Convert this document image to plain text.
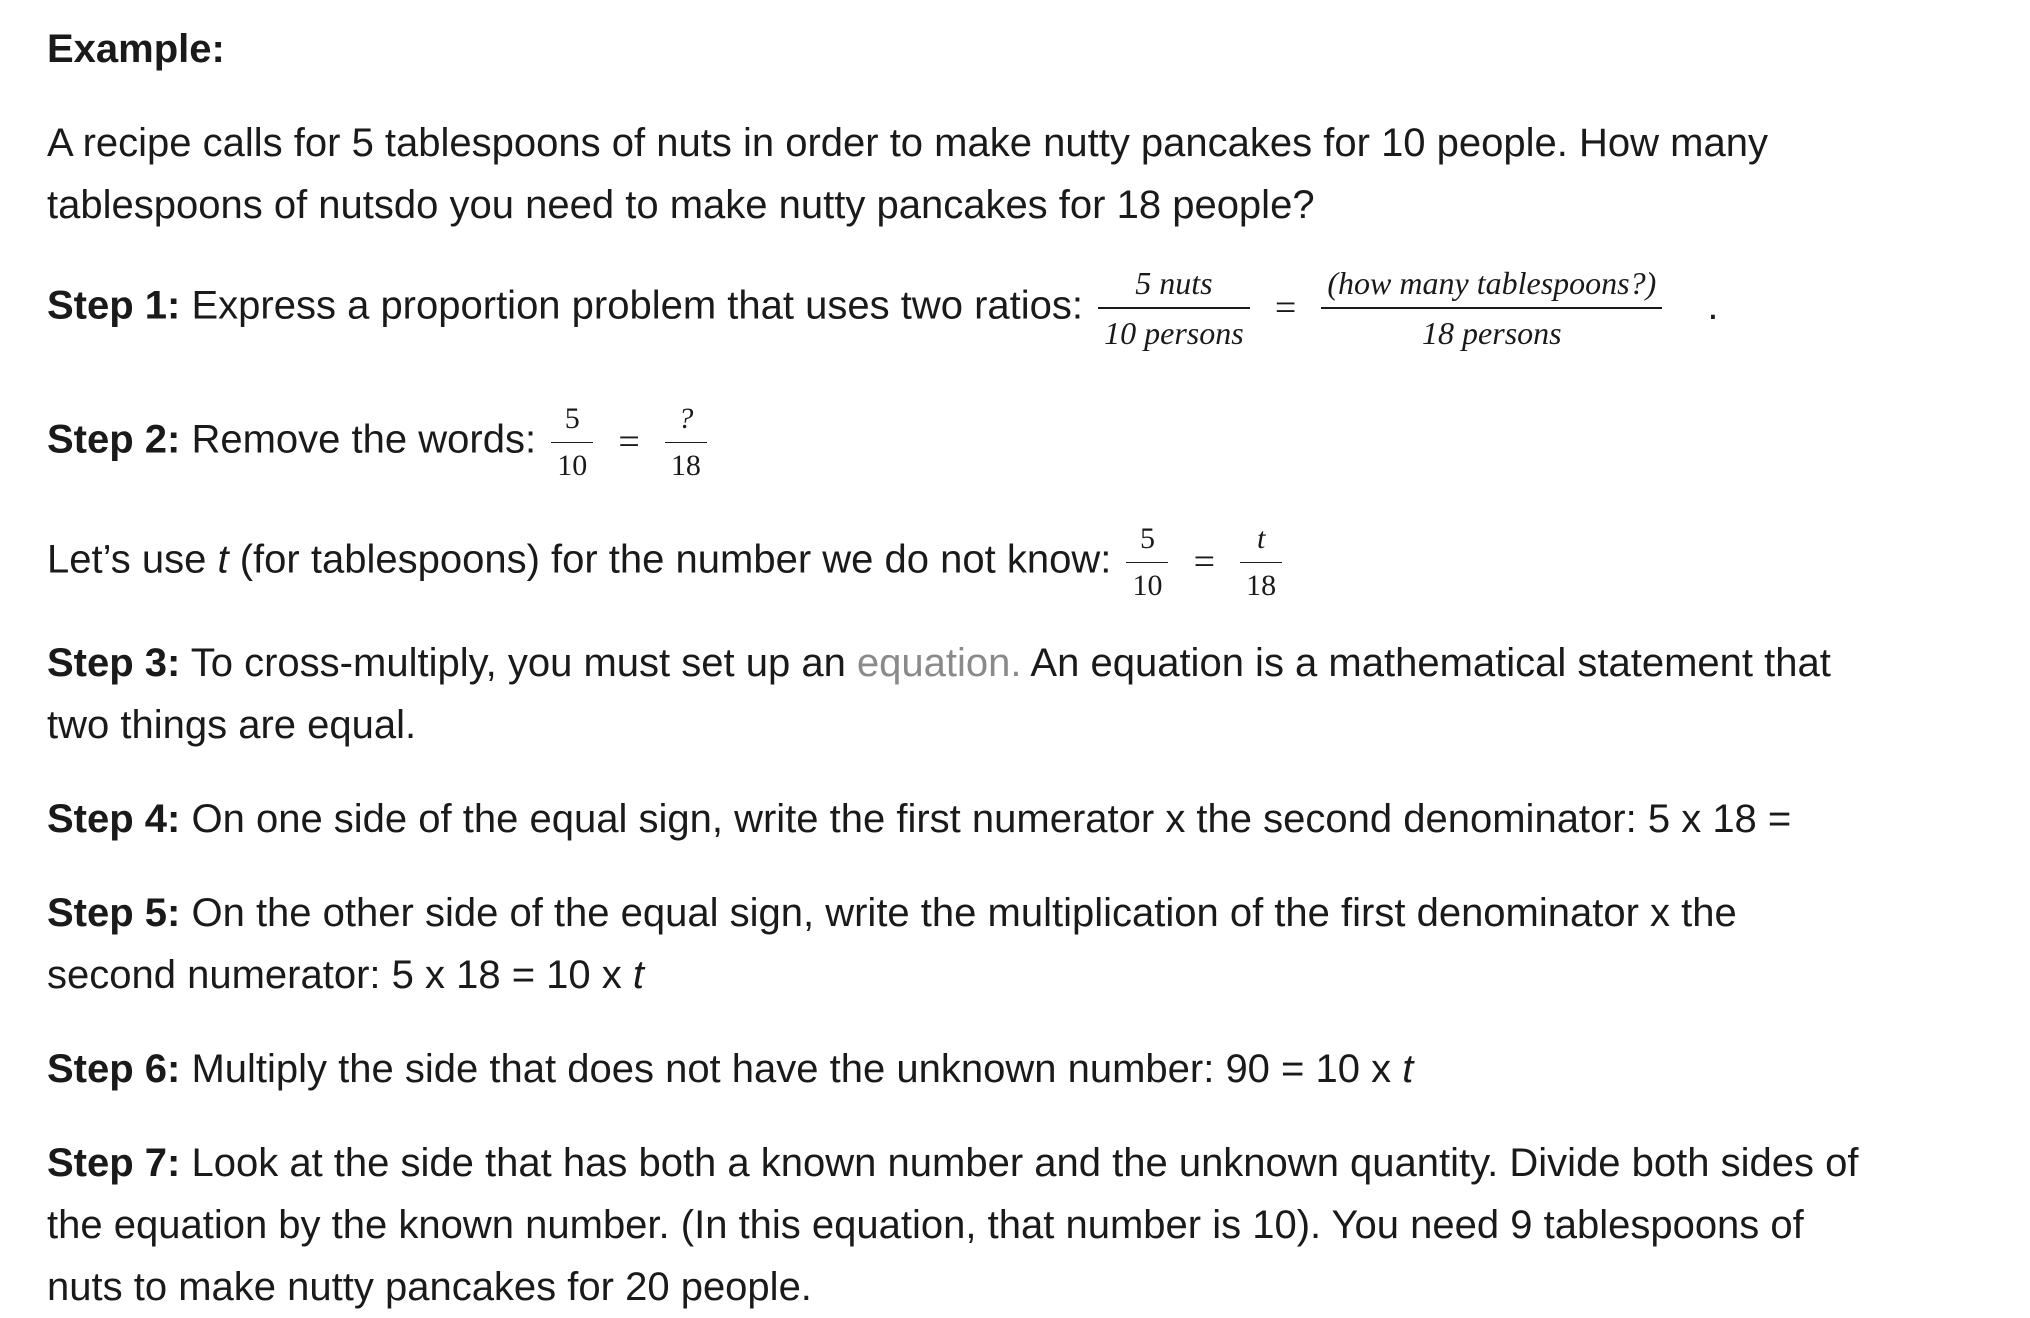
Example:
A recipe calls for 5 tablespoons of nuts in order to make nutty pancakes for 10 people. How many
tablespoons of nutsdo you need to make nutty pancakes for 18 people?
Step 1: Express a proportion problem that uses two ratios: $\frac{\text{5 nuts}}{\text{10 persons}} = \frac{\text{(how many tablespoons?)}}{\text{18 persons}}$ .
Step 2: Remove the words: $\frac{5}{10} = \frac{?}{18}$
Let’s use t (for tablespoons) for the number we do not know: $\frac{5}{10} = \frac{t}{18}$
Step 3: To cross-multiply, you must set up an equation. An equation is a mathematical statement that
two things are equal.
Step 4: On one side of the equal sign, write the first numerator x the second denominator: 5 x 18 =
Step 5: On the other side of the equal sign, write the multiplication of the first denominator x the
second numerator: 5 x 18 = 10 x t
Step 6: Multiply the side that does not have the unknown number: 90 = 10 x t
Step 7: Look at the side that has both a known number and the unknown quantity. Divide both sides of
the equation by the known number. (In this equation, that number is 10). You need 9 tablespoons of
nuts to make nutty pancakes for 20 people.
